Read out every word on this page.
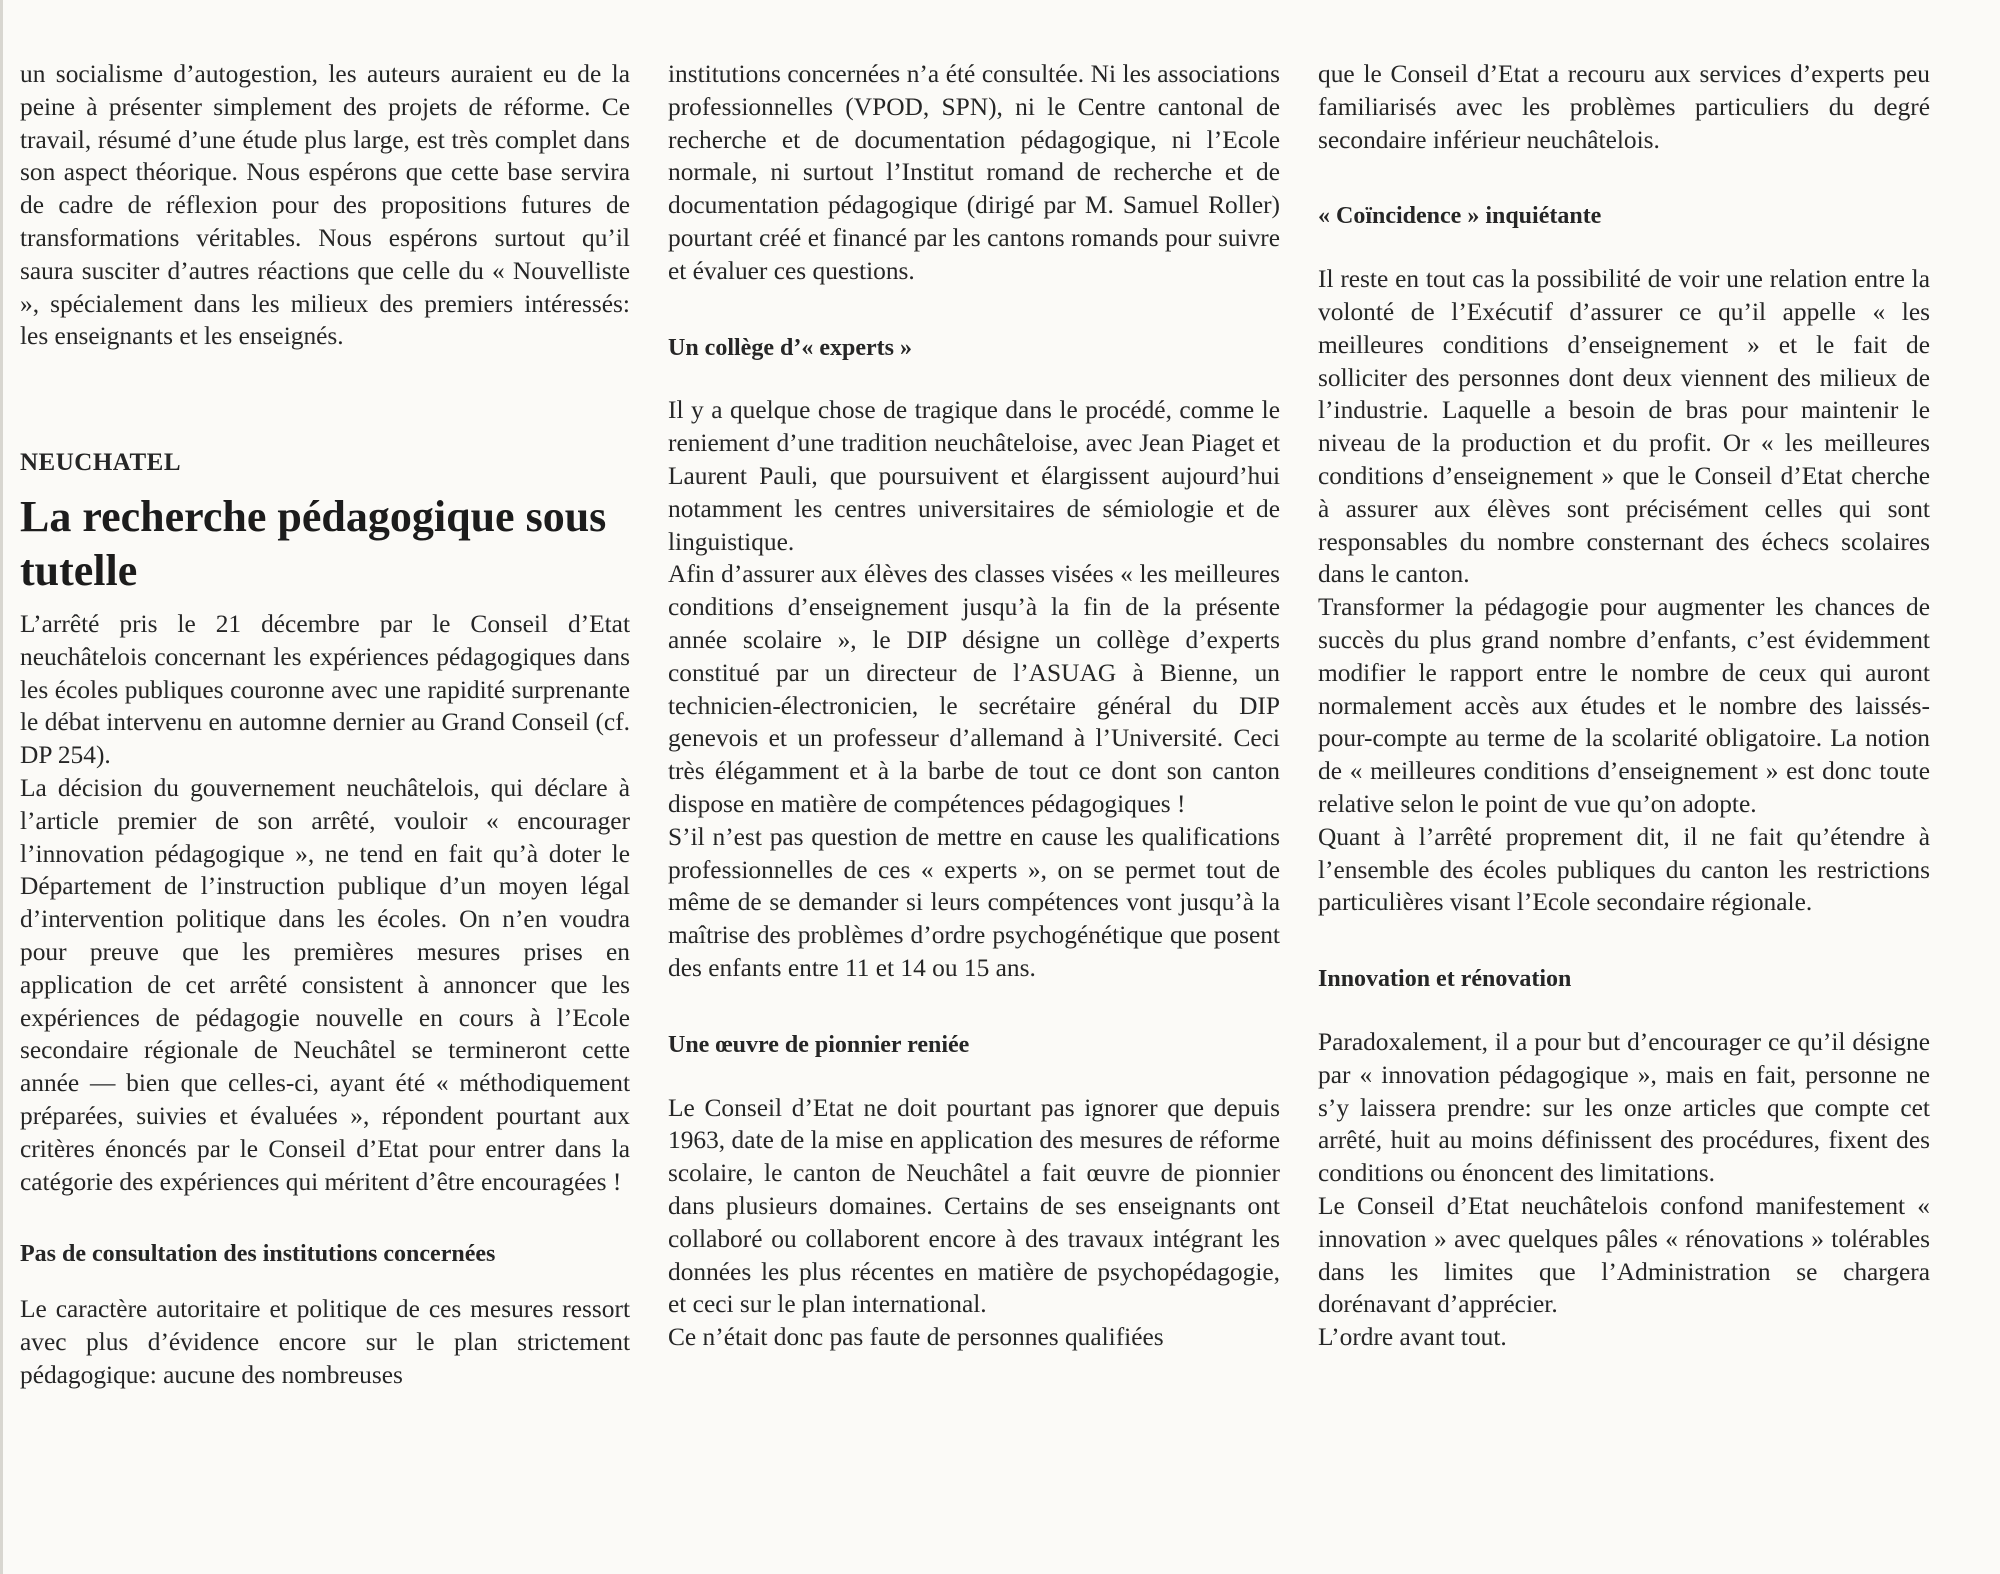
un socialisme d’autogestion, les auteurs auraient eu de la peine à présenter simplement des projets de réforme. Ce travail, résumé d’une étude plus large, est très complet dans son aspect théorique. Nous espérons que cette base servira de cadre de réflexion pour des propositions futures de transformations véritables. Nous espérons surtout qu’il saura susciter d’autres réactions que celle du « Nouvelliste », spécialement dans les milieux des premiers intéressés: les enseignants et les enseignés.

NEUCHATEL

La recherche pédagogique sous tutelle

L’arrêté pris le 21 décembre par le Conseil d’Etat neuchâtelois concernant les expériences pédagogiques dans les écoles publiques couronne avec une rapidité surprenante le débat intervenu en automne dernier au Grand Conseil (cf. DP 254).

La décision du gouvernement neuchâtelois, qui déclare à l’article premier de son arrêté, vouloir « encourager l’innovation pédagogique », ne tend en fait qu’à doter le Département de l’instruction publique d’un moyen légal d’intervention politique dans les écoles. On n’en voudra pour preuve que les premières mesures prises en application de cet arrêté consistent à annoncer que les expériences de pédagogie nouvelle en cours à l’Ecole secondaire régionale de Neuchâtel se termineront cette année — bien que celles-ci, ayant été « méthodiquement préparées, suivies et évaluées », répondent pourtant aux critères énoncés par le Conseil d’Etat pour entrer dans la catégorie des expériences qui méritent d’être encouragées !

Pas de consultation des institutions concernées

Le caractère autoritaire et politique de ces mesures ressort avec plus d’évidence encore sur le plan strictement pédagogique: aucune des nombreuses

institutions concernées n’a été consultée. Ni les associations professionnelles (VPOD, SPN), ni le Centre cantonal de recherche et de documentation pédagogique, ni l’Ecole normale, ni surtout l’Institut romand de recherche et de documentation pédagogique (dirigé par M. Samuel Roller) pourtant créé et financé par les cantons romands pour suivre et évaluer ces questions.

Un collège d’« experts »

Il y a quelque chose de tragique dans le procédé, comme le reniement d’une tradition neuchâteloise, avec Jean Piaget et Laurent Pauli, que poursuivent et élargissent aujourd’hui notamment les centres universitaires de sémiologie et de linguistique.

Afin d’assurer aux élèves des classes visées « les meilleures conditions d’enseignement jusqu’à la fin de la présente année scolaire », le DIP désigne un collège d’experts constitué par un directeur de l’ASUAG à Bienne, un technicien-électronicien, le secrétaire général du DIP genevois et un professeur d’allemand à l’Université. Ceci très élégamment et à la barbe de tout ce dont son canton dispose en matière de compétences pédagogiques !

S’il n’est pas question de mettre en cause les qualifications professionnelles de ces « experts », on se permet tout de même de se demander si leurs compétences vont jusqu’à la maîtrise des problèmes d’ordre psychogénétique que posent des enfants entre 11 et 14 ou 15 ans.

Une œuvre de pionnier reniée

Le Conseil d’Etat ne doit pourtant pas ignorer que depuis 1963, date de la mise en application des mesures de réforme scolaire, le canton de Neuchâtel a fait œuvre de pionnier dans plusieurs domaines. Certains de ses enseignants ont collaboré ou collaborent encore à des travaux intégrant les données les plus récentes en matière de psychopédagogie, et ceci sur le plan international.

Ce n’était donc pas faute de personnes qualifiées

que le Conseil d’Etat a recouru aux services d’experts peu familiarisés avec les problèmes particuliers du degré secondaire inférieur neuchâtelois.

« Coïncidence » inquiétante

Il reste en tout cas la possibilité de voir une relation entre la volonté de l’Exécutif d’assurer ce qu’il appelle « les meilleures conditions d’enseignement » et le fait de solliciter des personnes dont deux viennent des milieux de l’industrie. Laquelle a besoin de bras pour maintenir le niveau de la production et du profit. Or « les meilleures conditions d’enseignement » que le Conseil d’Etat cherche à assurer aux élèves sont précisément celles qui sont responsables du nombre consternant des échecs scolaires dans le canton.

Transformer la pédagogie pour augmenter les chances de succès du plus grand nombre d’enfants, c’est évidemment modifier le rapport entre le nombre de ceux qui auront normalement accès aux études et le nombre des laissés-pour-compte au terme de la scolarité obligatoire. La notion de « meilleures conditions d’enseignement » est donc toute relative selon le point de vue qu’on adopte.

Quant à l’arrêté proprement dit, il ne fait qu’étendre à l’ensemble des écoles publiques du canton les restrictions particulières visant l’Ecole secondaire régionale.

Innovation et rénovation

Paradoxalement, il a pour but d’encourager ce qu’il désigne par « innovation pédagogique », mais en fait, personne ne s’y laissera prendre: sur les onze articles que compte cet arrêté, huit au moins définissent des procédures, fixent des conditions ou énoncent des limitations.

Le Conseil d’Etat neuchâtelois confond manifestement « innovation » avec quelques pâles « rénovations » tolérables dans les limites que l’Administration se chargera dorénavant d’apprécier.

L’ordre avant tout.
